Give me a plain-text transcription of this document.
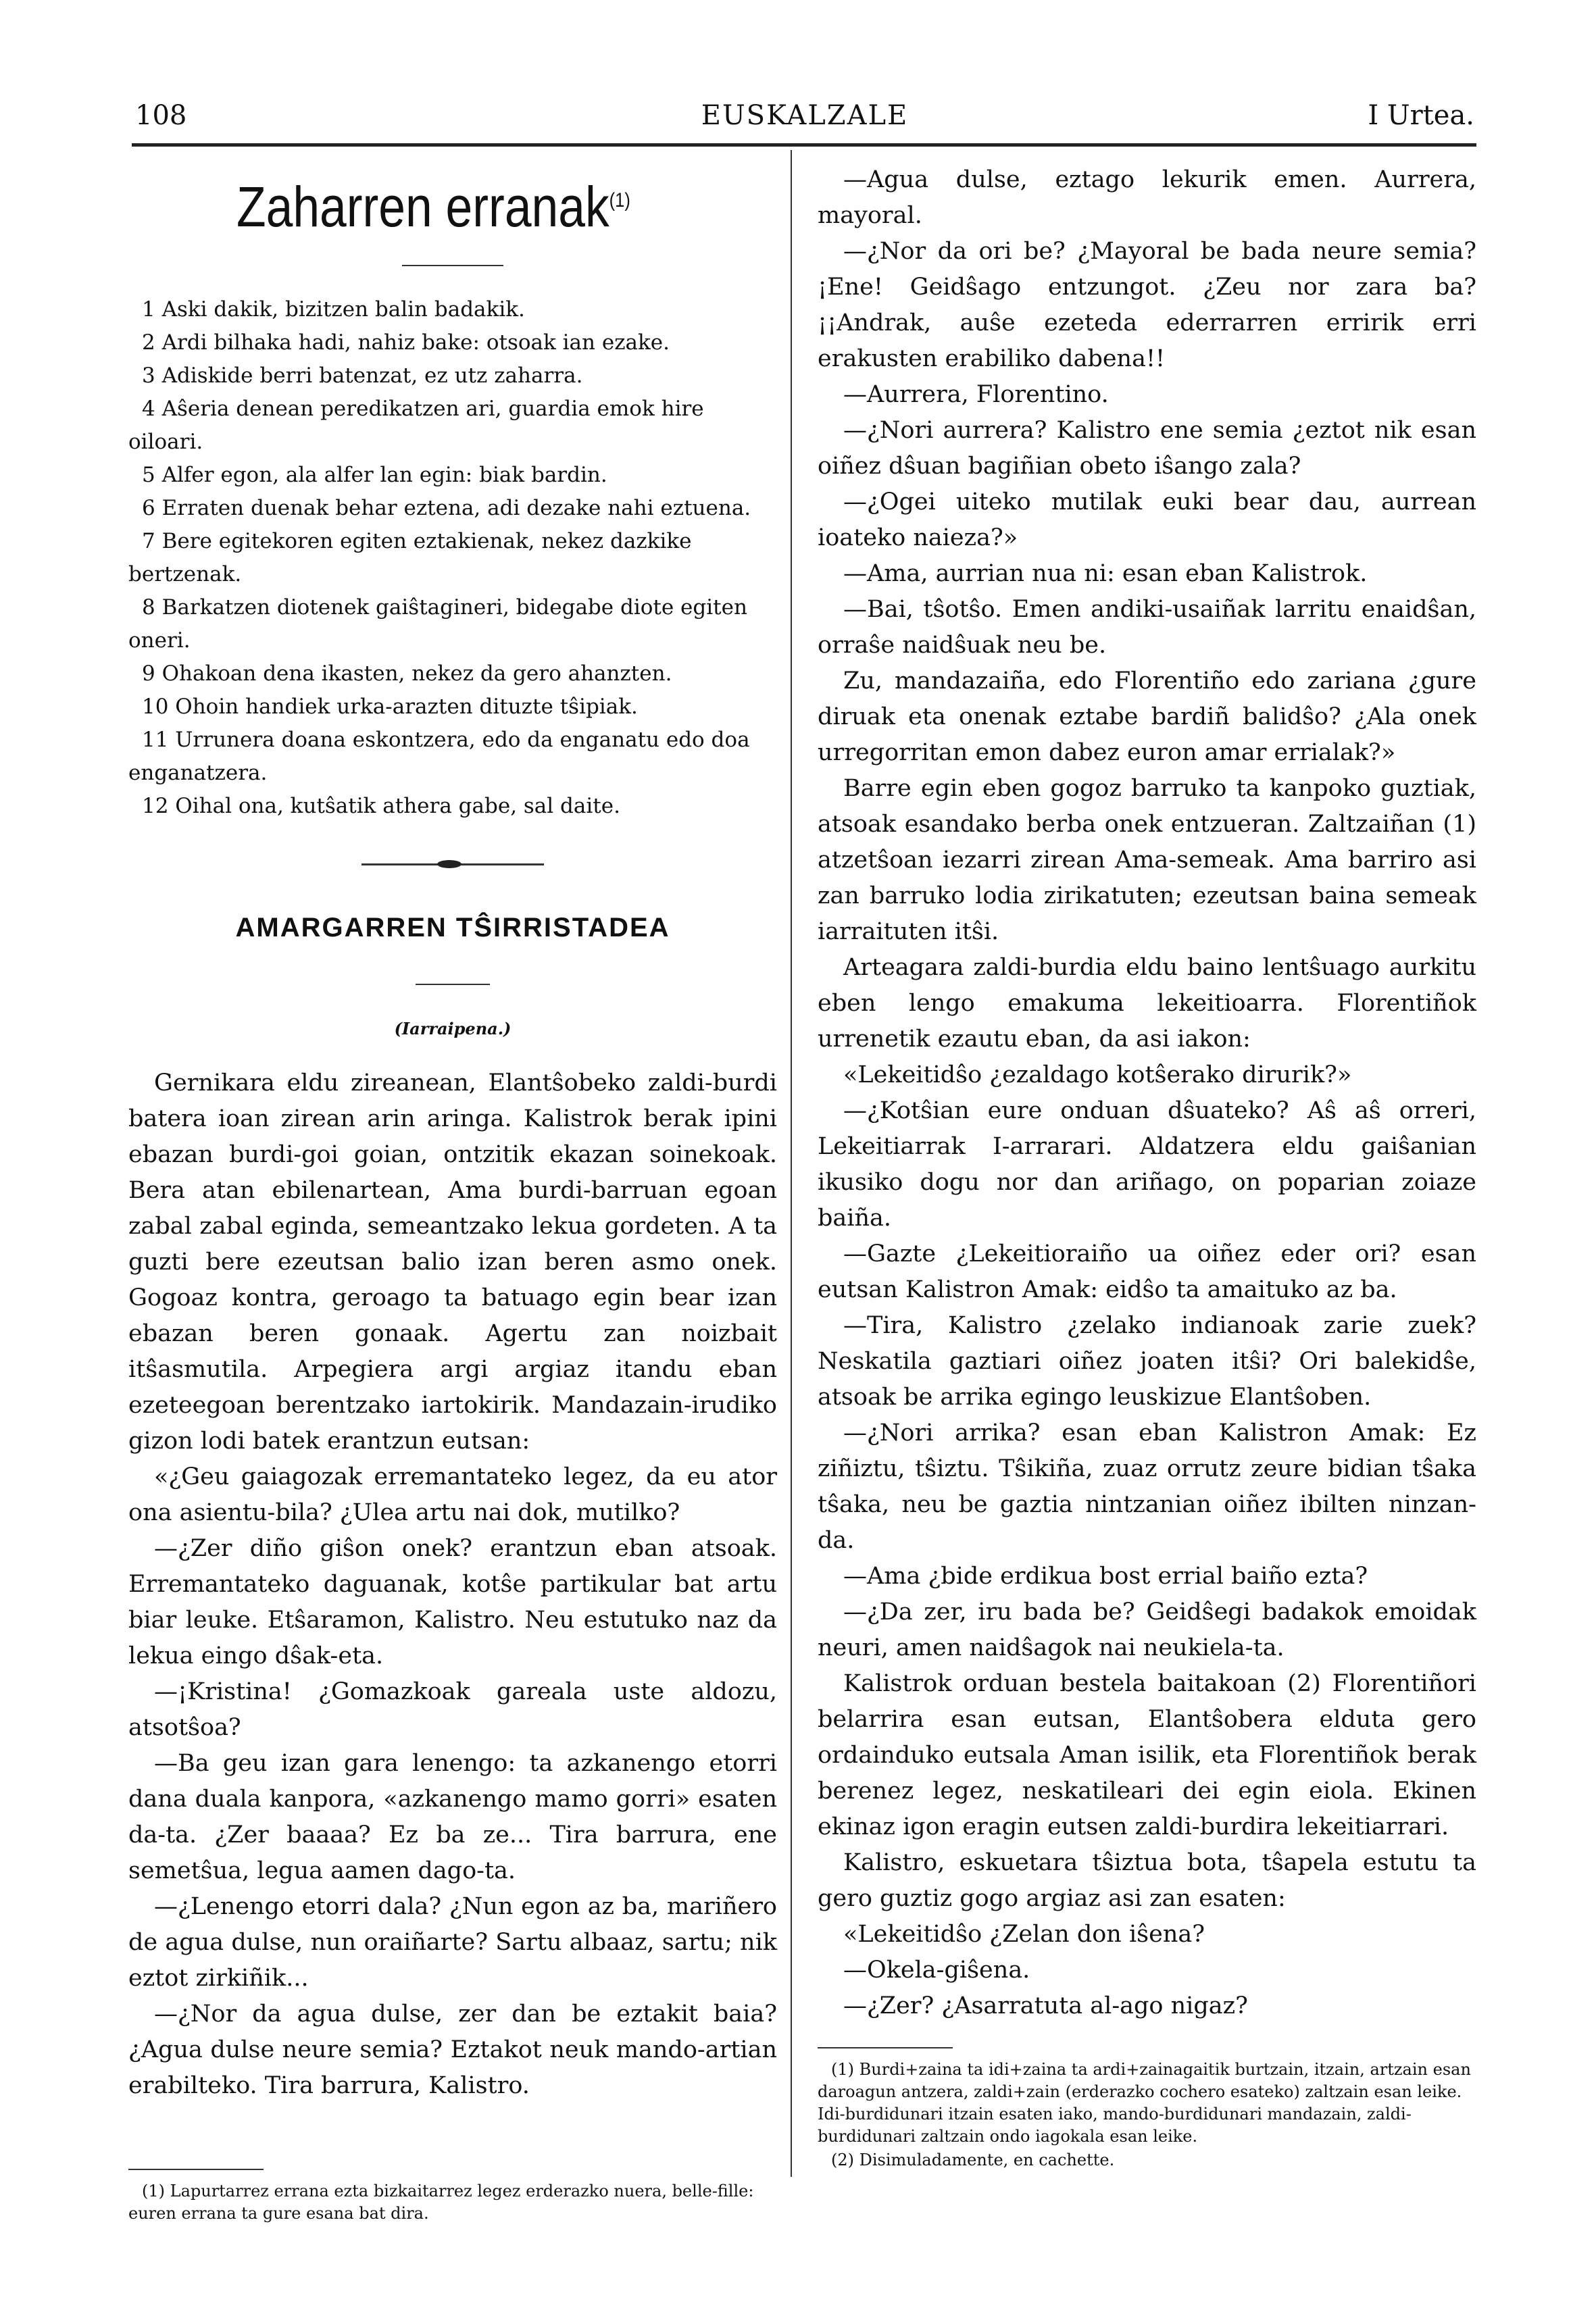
108	EUSKALZALE	I Urtea.
Zaharren erranak$^{(1)}$

1 Aski dakik, bizitzen balin badakik.

2 Ardi bilhaka hadi, nahiz bake: otsoak ian ezake.

3 Adiskide berri batenzat, ez utz zaharra.

4 Aŝeria denean peredikatzen ari, guardia emok hire oiloari.

5 Alfer egon, ala alfer lan egin: biak bardin.

6 Erraten duenak behar eztena, adi dezake nahi eztuena.

7 Bere egitekoren egiten eztakienak, nekez dazkike bertzenak.

8 Barkatzen diotenek gaiŝtagineri, bidegabe diote egiten oneri.

9 Ohakoan dena ikasten, nekez da gero ahanzten.

10 Ohoin handiek urka-arazten dituzte tŝipiak.

11 Urrunera doana eskontzera, edo da enganatu edo doa enganatzera.

12 Oihal ona, kutŝatik athera gabe, sal daite.

AMARGARREN TŜIRRISTADEA
(Iarraipena.)

Gernikara eldu zireanean, Elantŝobeko zaldi-burdi batera ioan zirean arin aringa. Kalistrok berak ipini ebazan burdi-goi goian, ontzitik ekazan soinekoak. Bera atan ebilenartean, Ama burdi-barruan egoan zabal zabal eginda, semeantzako lekua gordeten. A ta guzti bere ezeutsan balio izan beren asmo onek. Gogoaz kontra, geroago ta batuago egin bear izan ebazan beren gonaak. Agertu zan noizbait itŝasmutila. Arpegiera argi argiaz itandu eban ezeteegoan berentzako iartokirik. Mandazain-irudiko gizon lodi batek erantzun eutsan:

«¿Geu gaiagozak erremantateko legez, da eu ator ona asientu-bila? ¿Ulea artu nai dok, mutilko?

—¿Zer diño giŝon onek? erantzun eban atsoak. Erremantateko daguanak, kotŝe partikular bat artu biar leuke. Etŝaramon, Kalistro. Neu estutuko naz da lekua eingo dŝak-eta.

—¡Kristina! ¿Gomazkoak gareala uste aldozu, atsotŝoa?

—Ba geu izan gara lenengo: ta azkanengo etorri dana duala kanpora, «azkanengo mamo gorri» esaten da-ta. ¿Zer baaaa? Ez ba ze... Tira barrura, ene semetŝua, legua aamen dago-ta.

—¿Lenengo etorri dala? ¿Nun egon az ba, mariñero de agua dulse, nun oraiñarte? Sartu albaaz, sartu; nik eztot zirkiñik...

—¿Nor da agua dulse, zer dan be eztakit baia? ¿Agua dulse neure semia? Eztakot neuk mando-artian erabilteko. Tira barrura, Kalistro.

(1) Lapurtarrez errana ezta bizkaitarrez legez erderazko nuera, belle-fille: euren errana ta gure esana bat dira.

—Agua dulse, eztago lekurik emen. Aurrera, mayoral.

—¿Nor da ori be? ¿Mayoral be bada neure semia? ¡Ene! Geidŝago entzungot. ¿Zeu nor zara ba? ¡¡Andrak, auŝe ezeteda ederrarren erririk erri erakusten erabiliko dabena!!

—Aurrera, Florentino.

—¿Nori aurrera? Kalistro ene semia ¿eztot nik esan oiñez dŝuan bagiñian obeto iŝango zala?

—¿Ogei uiteko mutilak euki bear dau, aurrean ioateko naieza?»

—Ama, aurrian nua ni: esan eban Kalistrok.

—Bai, tŝotŝo. Emen andiki-usaiñak larritu enaidŝan, orraŝe naidŝuak neu be.

Zu, mandazaiña, edo Florentiño edo zariana ¿gure diruak eta onenak eztabe bardiñ balidŝo? ¿Ala onek urregorritan emon dabez euron amar errialak?»

Barre egin eben gogoz barruko ta kanpoko guztiak, atsoak esandako berba onek entzueran. Zaltzaiñan (1) atzetŝoan iezarri zirean Ama-semeak. Ama barriro asi zan barruko lodia zirikatuten; ezeutsan baina semeak iarraituten itŝi.

Arteagara zaldi-burdia eldu baino lentŝuago aurkitu eben lengo emakuma lekeitioarra. Florentiñok urrenetik ezautu eban, da asi iakon:

«Lekeitidŝo ¿ezaldago kotŝerako dirurik?»

—¿Kotŝian eure onduan dŝuateko? Aŝ aŝ orreri, Lekeitiarrak I-arrarari. Aldatzera eldu gaiŝanian ikusiko dogu nor dan ariñago, on poparian zoiaze baiña.

—Gazte ¿Lekeitioraiño ua oiñez eder ori? esan eutsan Kalistron Amak: eidŝo ta amaituko az ba.

—Tira, Kalistro ¿zelako indianoak zarie zuek? Neskatila gaztiari oiñez joaten itŝi? Ori balekidŝe, atsoak be arrika egingo leuskizue Elantŝoben.

—¿Nori arrika? esan eban Kalistron Amak: Ez ziñiztu, tŝiztu. Tŝikiña, zuaz orrutz zeure bidian tŝaka tŝaka, neu be gaztia nintzanian oiñez ibilten ninzan-da.

—Ama ¿bide erdikua bost errial baiño ezta?

—¿Da zer, iru bada be? Geidŝegi badakok emoidak neuri, amen naidŝagok nai neukiela-ta.

Kalistrok orduan bestela baitakoan (2) Florentiñori belarrira esan eutsan, Elantŝobera elduta gero ordainduko eutsala Aman isilik, eta Florentiñok berak berenez legez, neskatileari dei egin eiola. Ekinen ekinaz igon eragin eutsen zaldi-burdira lekeitiarrari.

Kalistro, eskuetara tŝiztua bota, tŝapela estutu ta gero guztiz gogo argiaz asi zan esaten:

«Lekeitidŝo ¿Zelan don iŝena?

—Okela-giŝena.

—¿Zer? ¿Asarratuta al-ago nigaz?

(1) Burdi+zaina ta idi+zaina ta ardi+zainagaitik burtzain, itzain, artzain esan daroagun antzera, zaldi+zain (erderazko cochero esateko) zaltzain esan leike. Idi-burdidunari itzain esaten iako, mando-burdidunari mandazain, zaldi-burdidunari zaltzain ondo iagokala esan leike.

(2) Disimuladamente, en cachette.
